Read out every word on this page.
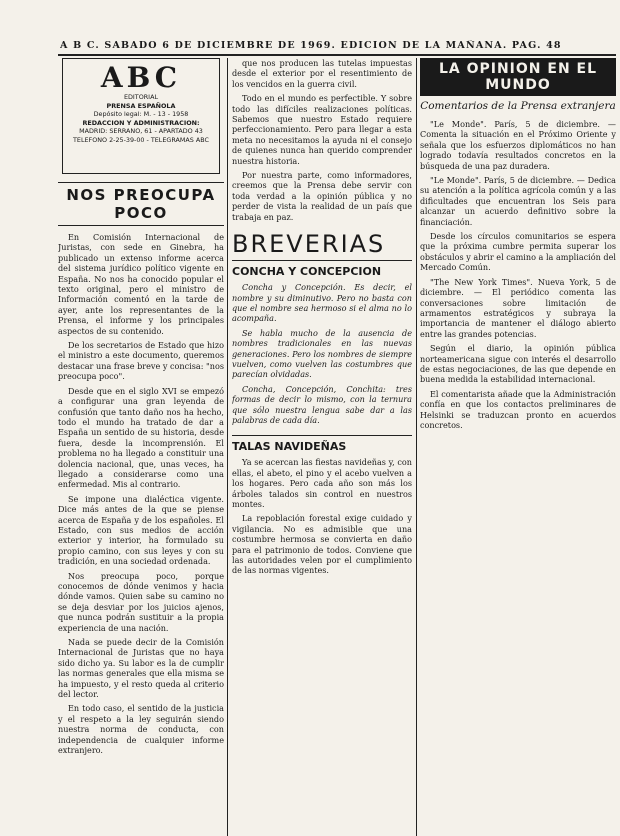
A B C. SABADO 6 DE DICIEMBRE DE 1969. EDICION DE LA MAÑANA. PAG. 48
ABC
EDITORIAL
PRENSA ESPAÑOLA
Depósito legal: M. - 13 - 1958
REDACCION Y ADMINISTRACION:
MADRID: SERRANO, 61 - APARTADO 43
TELEFONO 2-25-39-00 - TELEGRAMAS ABC
NOS PREOCUPA POCO

En Comisión Internacional de Juristas, con sede en Ginebra, ha publicado un extenso informe acerca del sistema jurídico político vigente en España. No nos ha conocido popular el texto original, pero el ministro de Información comentó en la tarde de ayer, ante los representantes de la Prensa, el informe y los principales aspectos de su contenido.

De los secretarios de Estado que hizo el ministro a este documento, queremos destacar una frase breve y concisa: "nos preocupa poco".

Desde que en el siglo XVI se empezó a configurar una gran leyenda de confusión que tanto daño nos ha hecho, todo el mundo ha tratado de dar a España un sentido de su historia, desde fuera, desde la incomprensión. El problema no ha llegado a constituir una dolencia nacional, que, unas veces, ha llegado a considerarse como una enfermedad. Mis al contrario.

Se impone una dialéctica vigente. Dice más antes de la que se piense acerca de España y de los españoles. El Estado, con sus medios de acción exterior y interior, ha formulado su propio camino, con sus leyes y con su tradición, en una sociedad ordenada.

Nos preocupa poco, porque conocemos de dónde venimos y hacia dónde vamos. Quien sabe su camino no se deja desviar por los juicios ajenos, que nunca podrán sustituir a la propia experiencia de una nación.

Nada se puede decir de la Comisión Internacional de Juristas que no haya sido dicho ya. Su labor es la de cumplir las normas generales que ella misma se ha impuesto, y el resto queda al criterio del lector.

En todo caso, el sentido de la justicia y el respeto a la ley seguirán siendo nuestra norma de conducta, con independencia de cualquier informe extranjero.

que nos producen las tutelas impuestas desde el exterior por el resentimiento de los vencidos en la guerra civil.

Todo en el mundo es perfectible. Y sobre todo las difíciles realizaciones políticas. Sabemos que nuestro Estado requiere perfeccionamiento. Pero para llegar a esta meta no necesitamos la ayuda ni el consejo de quienes nunca han querido comprender nuestra historia.

Por nuestra parte, como informadores, creemos que la Prensa debe servir con toda verdad a la opinión pública y no perder de vista la realidad de un país que trabaja en paz.

BREVERIAS
CONCHA Y CONCEPCION

Concha y Concepción. Es decir, el nombre y su diminutivo. Pero no basta con que el nombre sea hermoso si el alma no lo acompaña.

Se habla mucho de la ausencia de nombres tradicionales en las nuevas generaciones. Pero los nombres de siempre vuelven, como vuelven las costumbres que parecían olvidadas.

Concha, Concepción, Conchita: tres formas de decir lo mismo, con la ternura que sólo nuestra lengua sabe dar a las palabras de cada día.

TALAS NAVIDEÑAS

Ya se acercan las fiestas navideñas y, con ellas, el abeto, el pino y el acebo vuelven a los hogares. Pero cada año son más los árboles talados sin control en nuestros montes.

La repoblación forestal exige cuidado y vigilancia. No es admisible que una costumbre hermosa se convierta en daño para el patrimonio de todos. Conviene que las autoridades velen por el cumplimiento de las normas vigentes.

LA OPINION EN EL MUNDO
Comentarios de la Prensa extranjera

"Le Monde". París, 5 de diciembre. — Comenta la situación en el Próximo Oriente y señala que los esfuerzos diplomáticos no han logrado todavía resultados concretos en la búsqueda de una paz duradera.

"Le Monde". París, 5 de diciembre. — Dedica su atención a la política agrícola común y a las dificultades que encuentran los Seis para alcanzar un acuerdo definitivo sobre la financiación.

Desde los círculos comunitarios se espera que la próxima cumbre permita superar los obstáculos y abrir el camino a la ampliación del Mercado Común.

"The New York Times". Nueva York, 5 de diciembre. — El periódico comenta las conversaciones sobre limitación de armamentos estratégicos y subraya la importancia de mantener el diálogo abierto entre las grandes potencias.

Según el diario, la opinión pública norteamericana sigue con interés el desarrollo de estas negociaciones, de las que depende en buena medida la estabilidad internacional.

El comentarista añade que la Administración confía en que los contactos preliminares de Helsinki se traduzcan pronto en acuerdos concretos.
